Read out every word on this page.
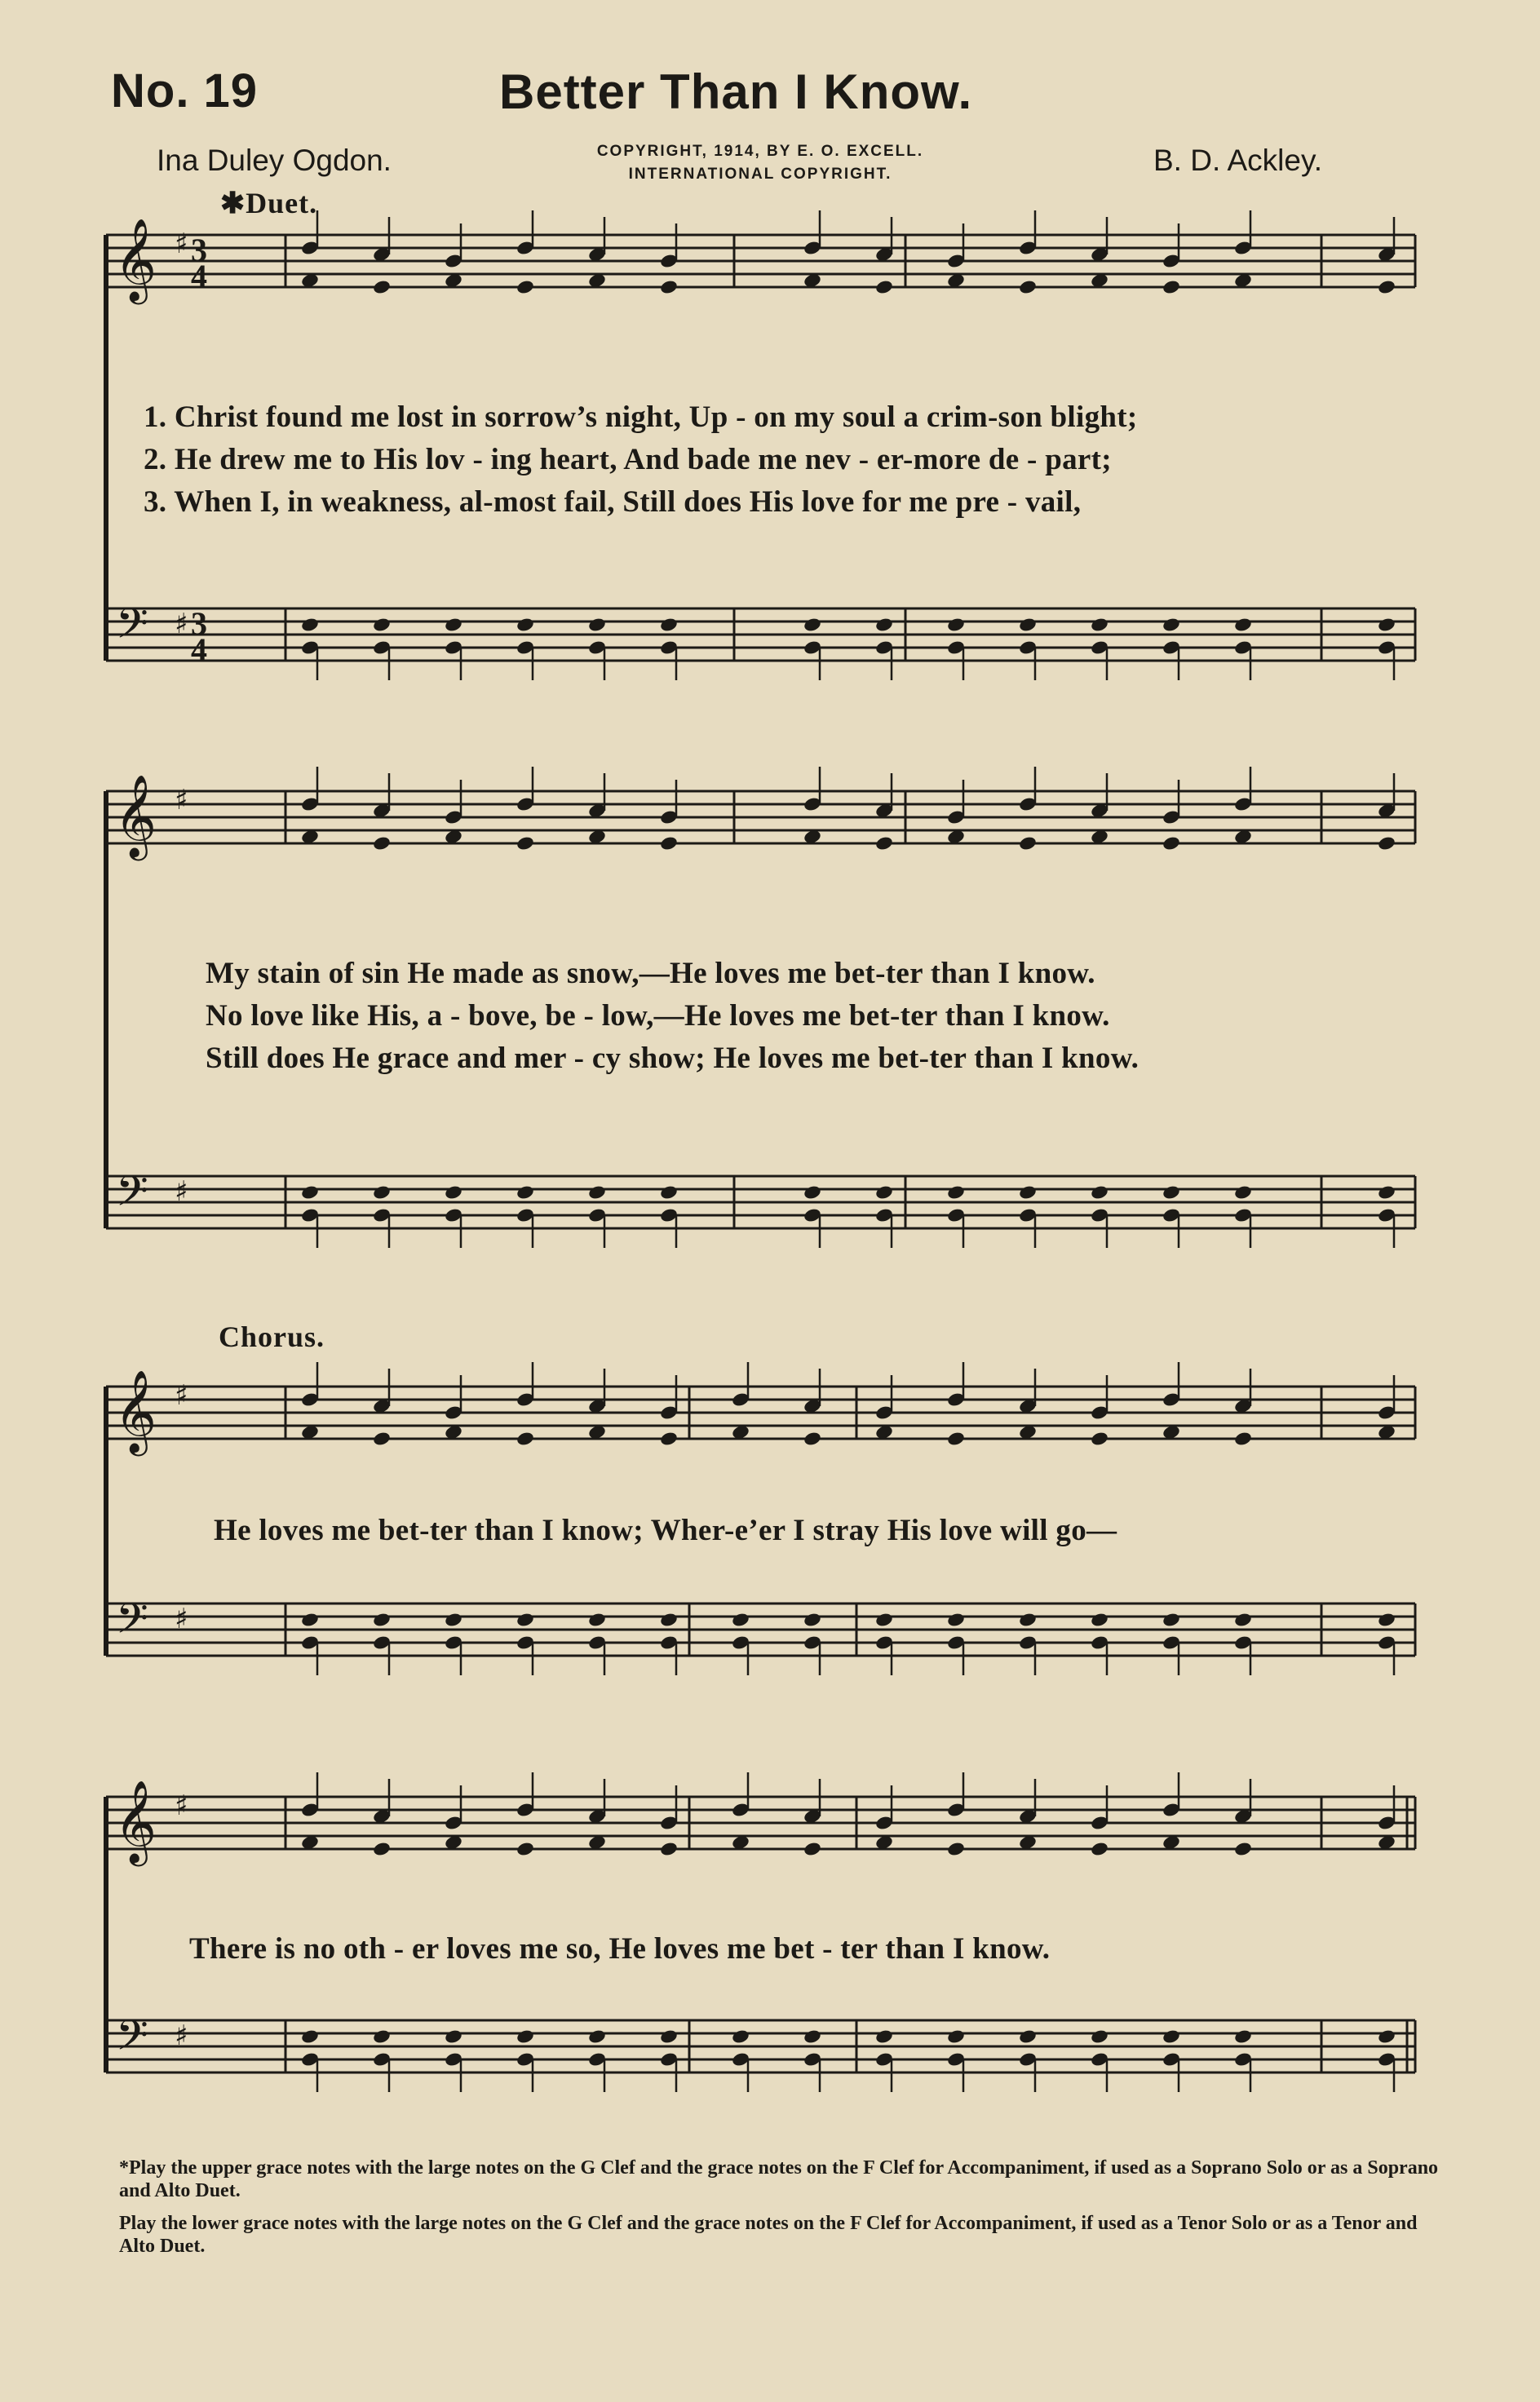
No. 19	Better Than I Know.
Ina Duley Ogdon.	COPYRIGHT, 1914, BY E. O. EXCELL.
INTERNATIONAL COPYRIGHT.	B. D. Ackley.
𝄞
𝄢
♯
♯
3
4
3
4
𝄞
𝄢
♯
♯
𝄞
𝄢
♯
♯
𝄞
𝄢
♯
♯
✱Duet.
Chorus.
1. Christ found me lost in sorrow’s night, Up - on my soul a crim-son blight;
2. He drew me to His lov - ing heart, And bade me nev - er-more de - part;
3. When I, in weakness, al-most fail, Still does His love for me pre - vail,
My stain of sin He made as snow,—He loves me bet-ter than I know.
No love like His, a - bove, be - low,—He loves me bet-ter than I know.
Still does He grace and mer - cy show; He loves me bet-ter than I know.
He loves me bet-ter than I know; Wher-e’er I stray His love will go—
There is no oth - er loves me so, He loves me bet - ter than I know.
*Play the upper grace notes with the large notes on the G Clef and the grace notes on the F Clef for Accompaniment, if used as a Soprano Solo or as a Soprano and Alto Duet.
Play the lower grace notes with the large notes on the G Clef and the grace notes on the F Clef for Accompaniment, if used as a Tenor Solo or as a Tenor and Alto Duet.
